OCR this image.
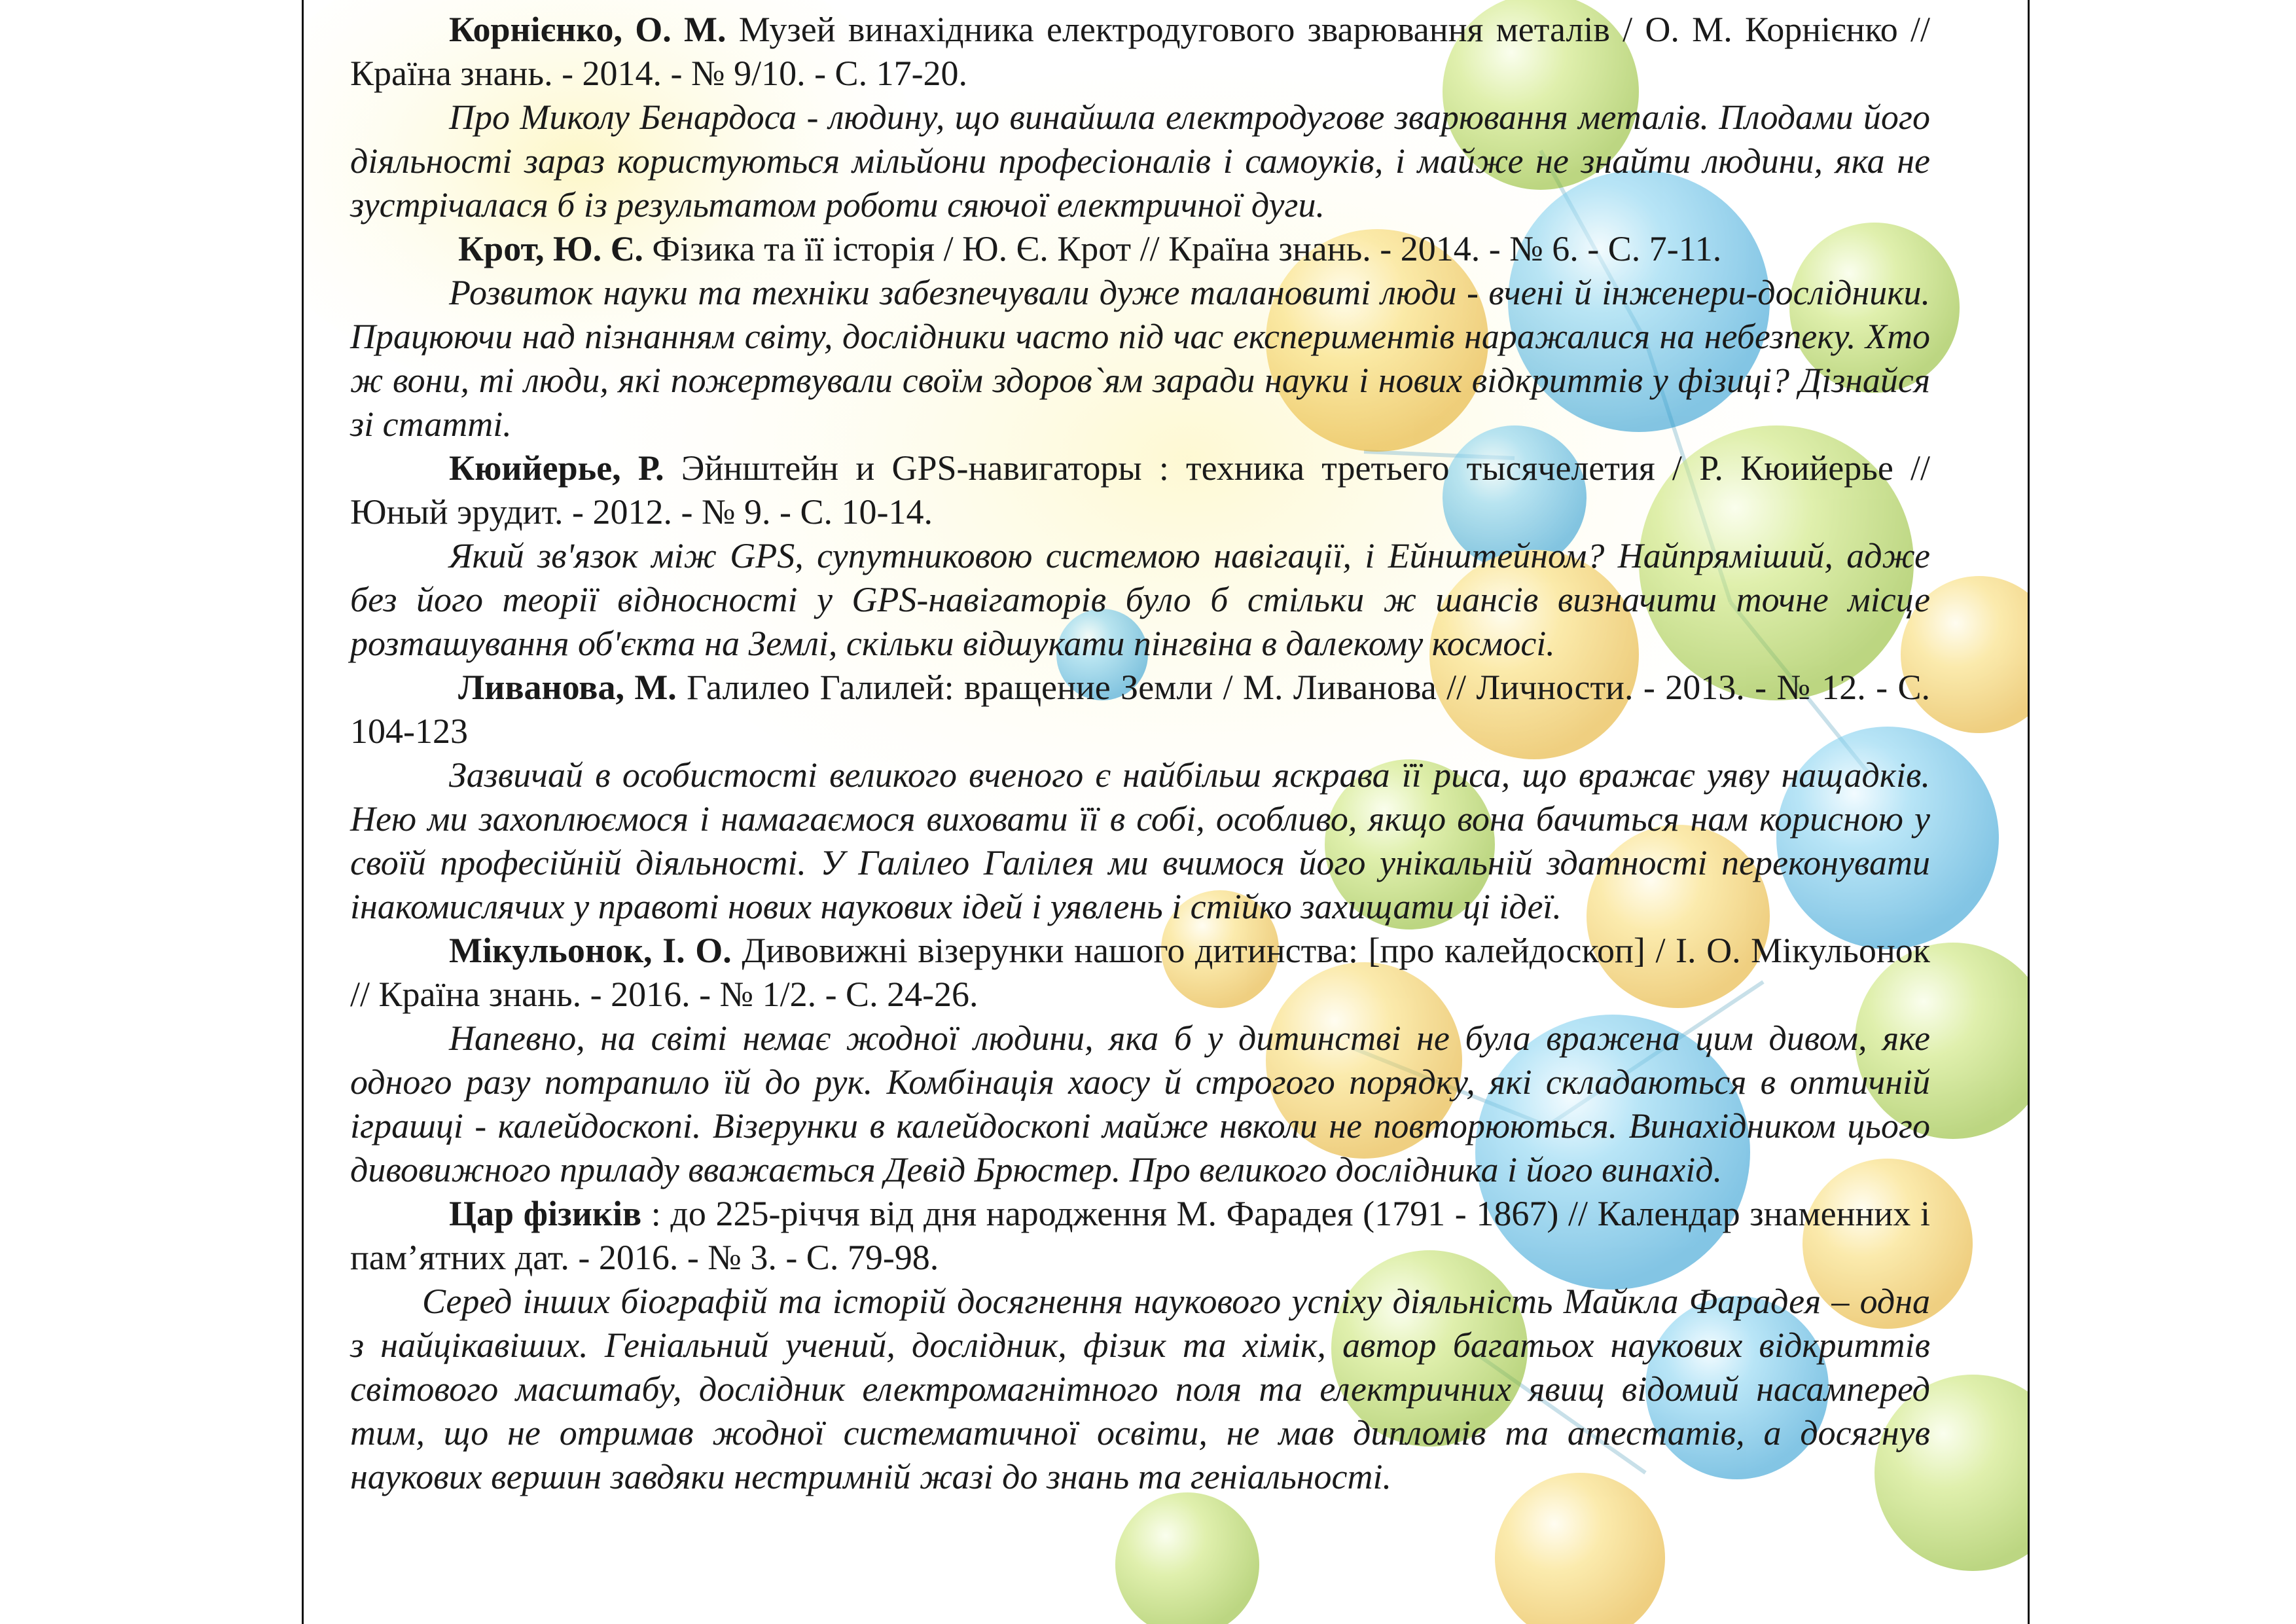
Корнієнко, О. М. Музей винахідника електродугового зварювання металів / О. М. Корнієнко // Країна знань. - 2014. - № 9/10. - С. 17-20.

Про Миколу Бенардоса - людину, що винайшла електродугове зварювання металів. Плодами його діяльності зараз користуються мільйони професіоналів і самоуків, і майже не знайти людини, яка не зустрічалася б із результатом роботи сяючої електричної дуги.

Крот, Ю. Є. Фізика та її історія / Ю. Є. Крот // Країна знань. - 2014. - № 6. - С. 7-11.

Розвиток науки та техніки забезпечували дуже талановиті люди - вчені й інженери-дослідники. Працюючи над пізнанням світу, дослідники часто під час експериментів наражалися на небезпеку. Хто ж вони, ті люди, які пожертвували своїм здоров`ям заради науки і нових відкриттів у фізиці? Дізнайся зі статті.

Кюийерье, Р. Эйнштейн и GPS-навигаторы : техника третьего тысячелетия / Р. Кюийерье // Юный эрудит. - 2012. - № 9. - С. 10-14.

Який зв'язок між GPS, супутниковою системою навігації, і Ейнштейном? Найпряміший, адже без його теорії відносності у GPS-навігаторів було б стільки ж шансів визначити точне місце розташування об'єкта на Землі, скільки відшукати пінгвіна в далекому космосі.

Ливанова, М. Галилео Галилей: вращение Земли / М. Ливанова // Личности. - 2013. - № 12. - С. 104-123

Зазвичай в особистості великого вченого є найбільш яскрава її риса, що вражає уяву нащадків. Нею ми захоплюємося і намагаємося виховати її в собі, особливо, якщо вона бачиться нам корисною у своїй професійній діяльності. У Галілео Галілея ми вчимося його унікальній здатності переконувати інакомислячих у правоті нових наукових ідей і уявлень і стійко захищати ці ідеї.

Мікульонок, І. О. Дивовижні візерунки нашого дитинства: [про калейдоскоп] / І. О. Мікульонок // Країна знань. - 2016. - № 1/2. - С. 24-26.

Напевно, на світі немає жодної людини, яка б у дитинстві не була вражена цим дивом, яке одного разу потрапило їй до рук. Комбінація хаосу й строгого порядку, які складаються в оптичній іграшці - калейдоскопі. Візерунки в калейдоскопі майже нвколи не повторюються. Винахідником цього дивовижного приладу вважається Девід Брюстер. Про великого дослідника і його винахід.

Цар фізиків : до 225-річчя від дня народження М. Фарадея (1791 - 1867) // Календар знаменних і пам’ятних дат. - 2016. - № 3. - С. 79-98.

Серед інших біографій та історій досягнення наукового успіху діяльність Майкла Фарадея – одна з найцікавіших. Геніальний учений, дослідник, фізик та хімік, автор багатьох наукових відкриттів світового масштабу, дослідник електромагнітного поля та електричних явищ відомий насамперед тим, що не отримав жодної систематичної освіти, не мав дипломів та атестатів, а досягнув наукових вершин завдяки нестримній жазі до знань та геніальності.
